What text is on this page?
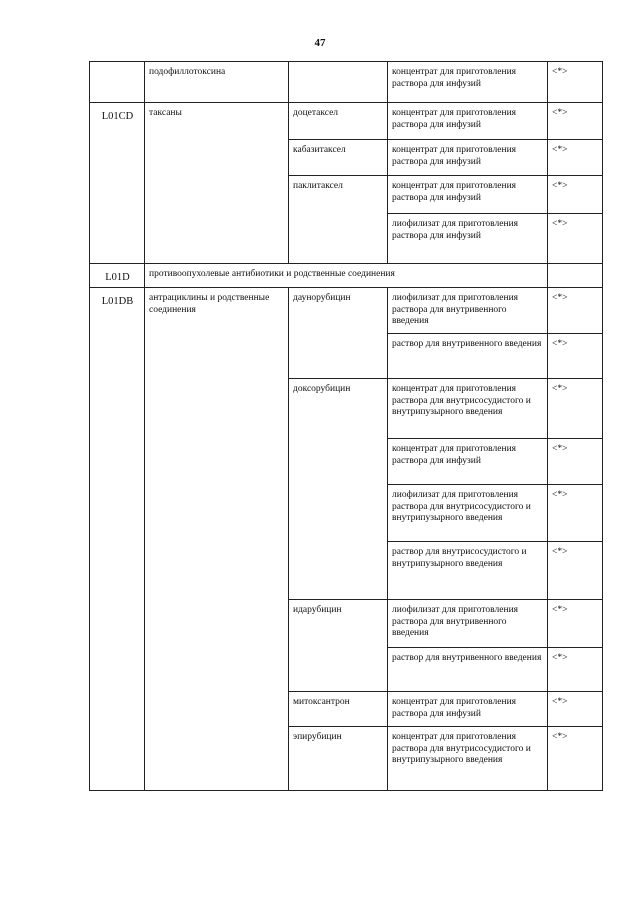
47
	подофиллотоксина		концентрат для приготовления раствора для инфузий	<*>
L01CD	таксаны	доцетаксел	концентрат для приготовления раствора для инфузий	<*>
		кабазитаксел	концентрат для приготовления раствора для инфузий	<*>
		паклитаксел	концентрат для приготовления раствора для инфузий	<*>
			лиофилизат для приготовления раствора для инфузий	<*>
L01D	противоопухолевые антибиотики и родственные соединения			
L01DB	антрациклины и родственные соединения	даунорубицин	лиофилизат для приготовления раствора для внутривенного введения	<*>
			раствор для внутривенного введения	<*>
		доксорубицин	концентрат для приготовления раствора для внутрисосудистого и внутрипузырного введения	<*>
			концентрат для приготовления раствора для инфузий	<*>
			лиофилизат для приготовления раствора для внутрисосудистого и внутрипузырного введения	<*>
			раствор для внутрисосудистого и внутрипузырного введения	<*>
		идарубицин	лиофилизат для приготовления раствора для внутривенного введения	<*>
			раствор для внутривенного введения	<*>
		митоксантрон	концентрат для приготовления раствора для инфузий	<*>
		эпирубицин	концентрат для приготовления раствора для внутрисосудистого и внутрипузырного введения	<*>
